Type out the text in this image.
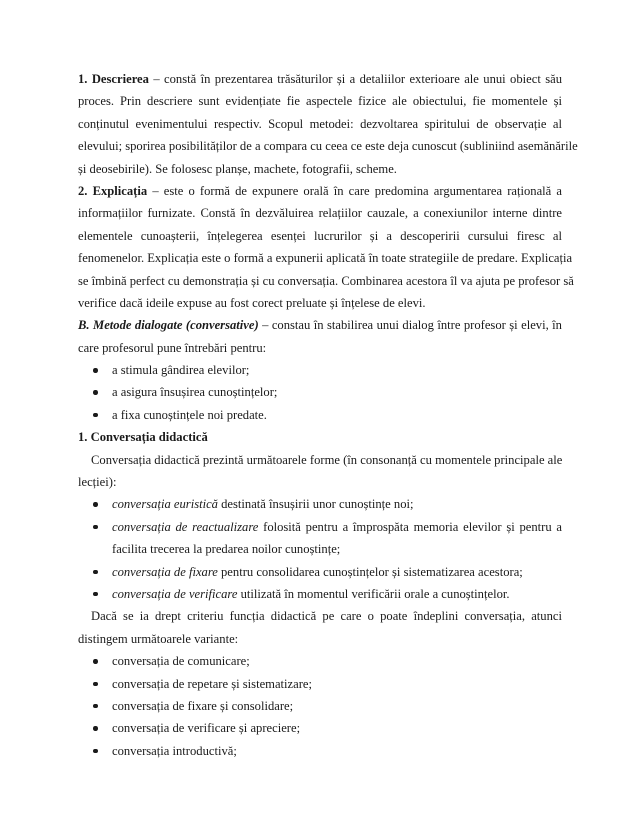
1. Descrierea – constă în prezentarea trăsăturilor și a detaliilor exterioare ale unui obiect său
proces. Prin descriere sunt evidențiate fie aspectele fizice ale obiectului, fie momentele și
conținutul evenimentului respectiv. Scopul metodei: dezvoltarea spiritului de observație al
elevului; sporirea posibilităților de a compara cu ceea ce este deja cunoscut (subliniind asemănările
și deosebirile). Se folosesc planșe, machete, fotografii, scheme.
2. Explicația – este o formă de expunere orală în care predomina argumentarea rațională a
informațiilor furnizate. Constă în dezvăluirea relațiilor cauzale, a conexiunilor interne dintre
elementele cunoașterii, înțelegerea esenței lucrurilor și a descoperirii cursului firesc al
fenomenelor. Explicația este o formă a expunerii aplicată în toate strategiile de predare. Explicația
se îmbină perfect cu demonstrația și cu conversația. Combinarea acestora îl va ajuta pe profesor să
verifice dacă ideile expuse au fost corect preluate și înțelese de elevi.
B. Metode dialogate (conversative) – constau în stabilirea unui dialog între profesor și elevi, în
care profesorul pune întrebări pentru:
a stimula gândirea elevilor;
a asigura însușirea cunoștințelor;
a fixa cunoștințele noi predate.
1. Conversația didactică
Conversația didactică prezintă următoarele forme (în consonanță cu momentele principale ale
lecției):
conversația euristică destinată însușirii unor cunoștințe noi;
conversația de reactualizare folosită pentru a împrospăta memoria elevilor și pentru a
facilita trecerea la predarea noilor cunoștințe;
conversația de fixare pentru consolidarea cunoștințelor și sistematizarea acestora;
conversația de verificare utilizată în momentul verificării orale a cunoștințelor.
Dacă se ia drept criteriu funcția didactică pe care o poate îndeplini conversația, atunci
distingem următoarele variante:
conversația de comunicare;
conversația de repetare și sistematizare;
conversația de fixare și consolidare;
conversația de verificare și apreciere;
conversația introductivă;
